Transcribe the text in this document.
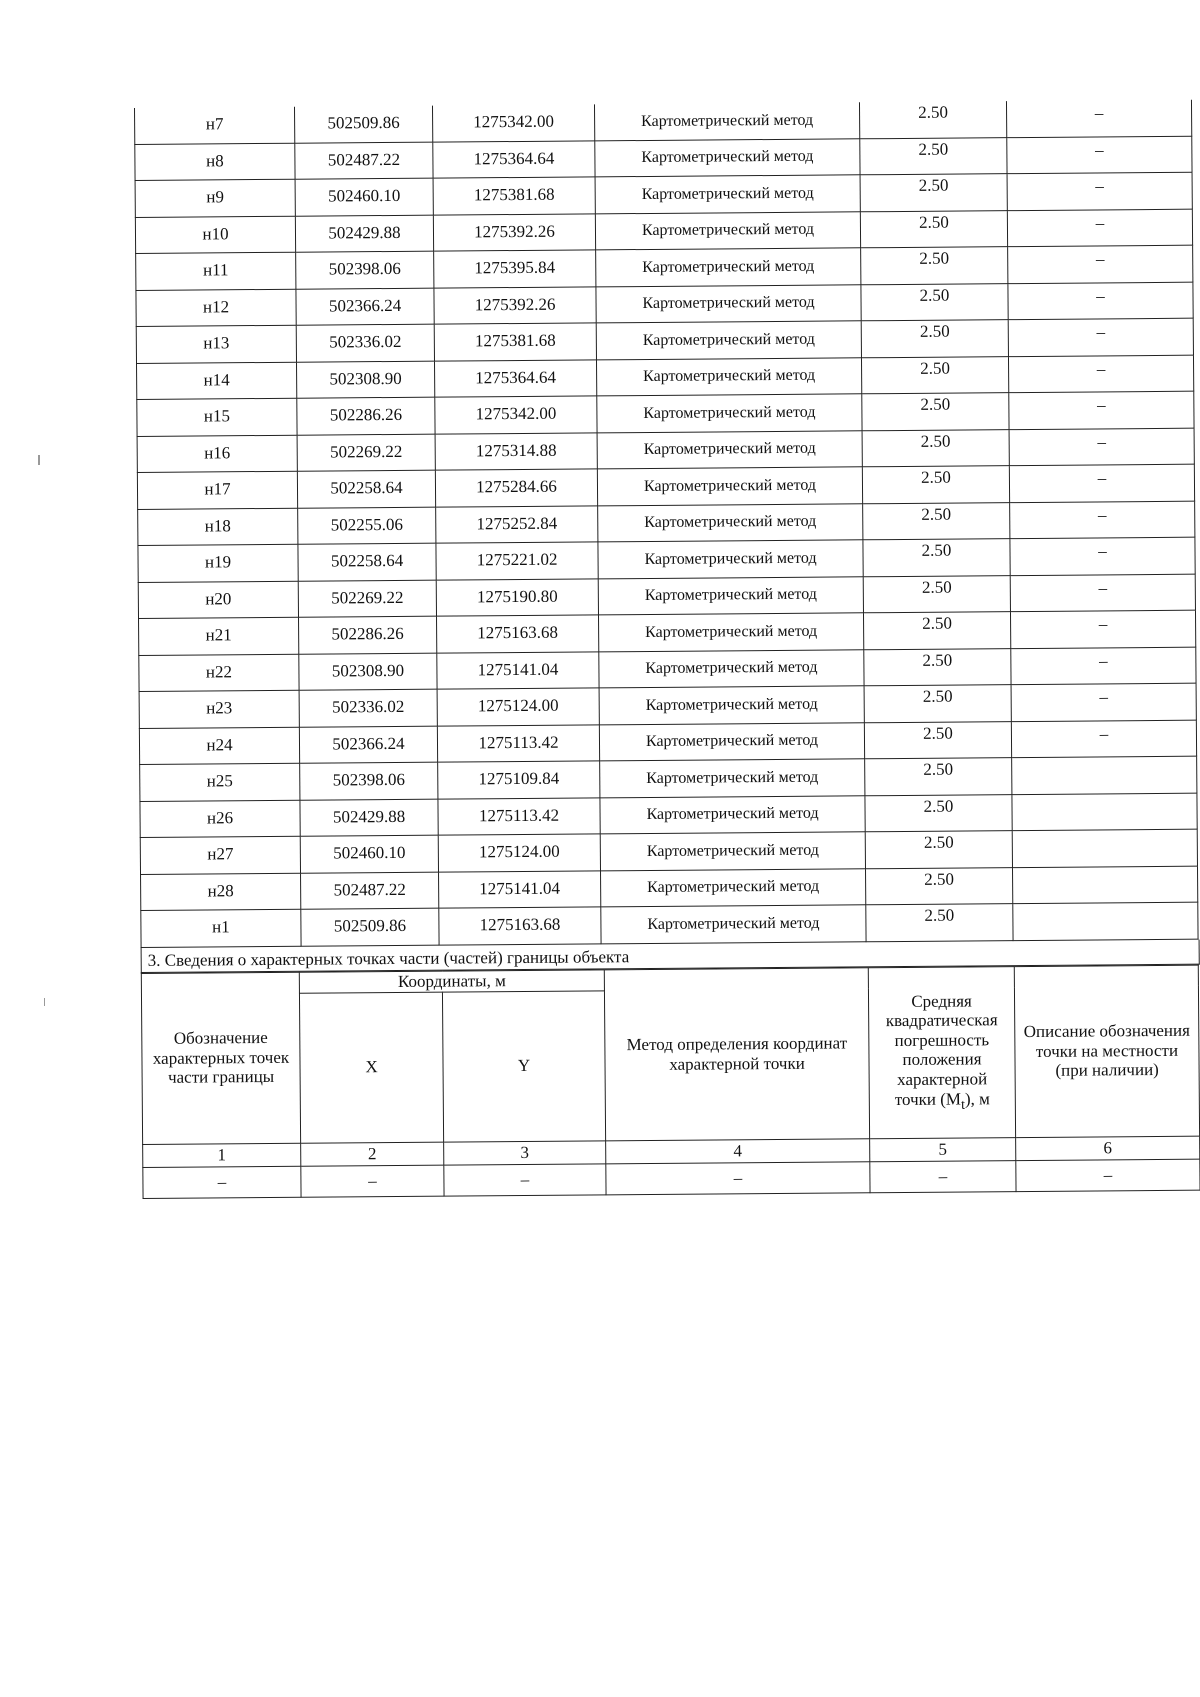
н7	502509.86	1275342.00	Картометрический метод	2.50	–
н8	502487.22	1275364.64	Картометрический метод	2.50	–
н9	502460.10	1275381.68	Картометрический метод	2.50	–
н10	502429.88	1275392.26	Картометрический метод	2.50	–
н11	502398.06	1275395.84	Картометрический метод	2.50	–
н12	502366.24	1275392.26	Картометрический метод	2.50	–
н13	502336.02	1275381.68	Картометрический метод	2.50	–
н14	502308.90	1275364.64	Картометрический метод	2.50	–
н15	502286.26	1275342.00	Картометрический метод	2.50	–
н16	502269.22	1275314.88	Картометрический метод	2.50	–
н17	502258.64	1275284.66	Картометрический метод	2.50	–
н18	502255.06	1275252.84	Картометрический метод	2.50	–
н19	502258.64	1275221.02	Картометрический метод	2.50	–
н20	502269.22	1275190.80	Картометрический метод	2.50	–
н21	502286.26	1275163.68	Картометрический метод	2.50	–
н22	502308.90	1275141.04	Картометрический метод	2.50	–
н23	502336.02	1275124.00	Картометрический метод	2.50	–
н24	502366.24	1275113.42	Картометрический метод	2.50	–
н25	502398.06	1275109.84	Картометрический метод	2.50	
н26	502429.88	1275113.42	Картометрический метод	2.50	
н27	502460.10	1275124.00	Картометрический метод	2.50	
н28	502487.22	1275141.04	Картометрический метод	2.50	
н1	502509.86	1275163.68	Картометрический метод	2.50	
3. Сведения о характерных точках части (частей) границы объекта
Обозначение характерных точек части границы	Координаты, м		Метод определения координат характерной точки	Средняя квадратическая погрешность положения характерной точки $(M_t)$, м	Описание обозначения точки на местности (при наличии)
	X	Y			
1	2	3	4	5	6
–	–	–	–	–	–
